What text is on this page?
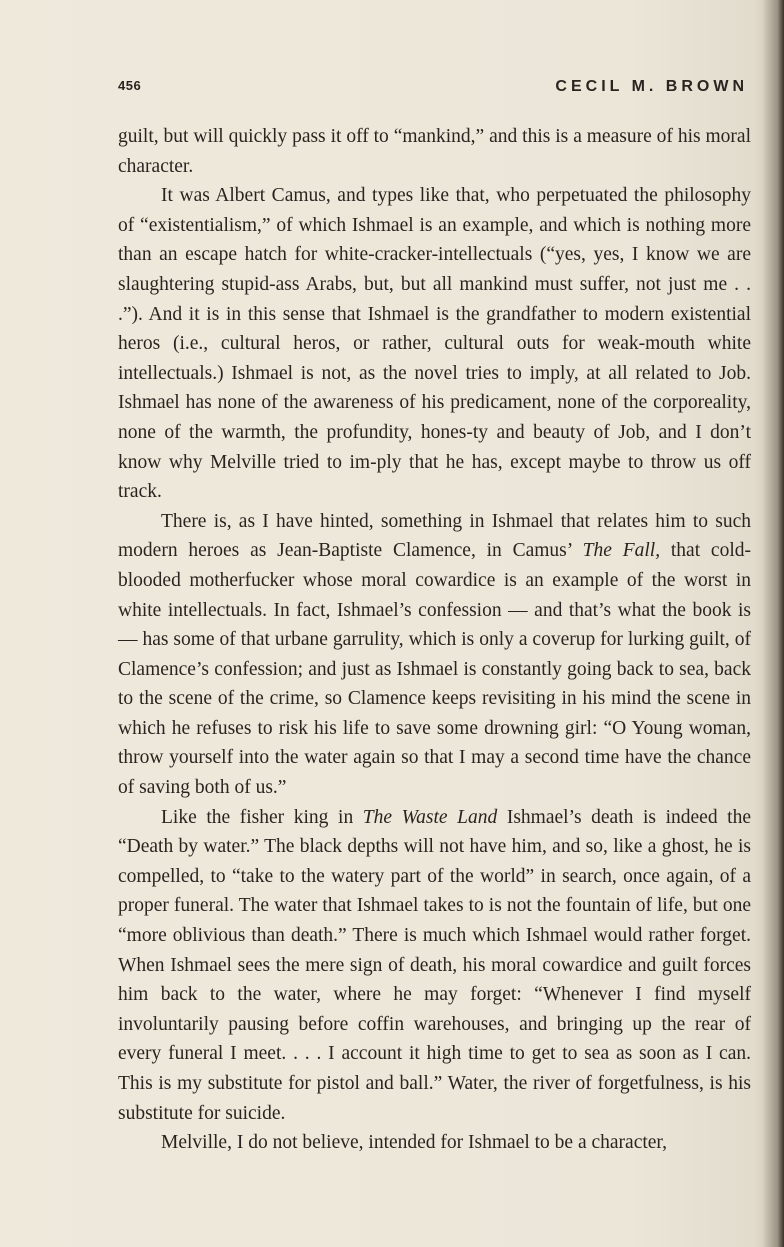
456	CECIL M. BROWN

guilt, but will quickly pass it off to “mankind,” and this is a measure of his moral character.

It was Albert Camus, and types like that, who perpetuated the philosophy of “existentialism,” of which Ishmael is an example, and which is nothing more than an escape hatch for white-cracker-intellectuals (“yes, yes, I know we are slaughtering stupid-ass Arabs, but, but all mankind must suffer, not just me . . .”). And it is in this sense that Ishmael is the grandfather to modern existential heros (i.e., cultural heros, or rather, cultural outs for weak-mouth white intellectuals.) Ishmael is not, as the novel tries to imply, at all related to Job. Ishmael has none of the awareness of his predicament, none of the corporeality, none of the warmth, the profundity, hones-ty and beauty of Job, and I don’t know why Melville tried to im-ply that he has, except maybe to throw us off track.

There is, as I have hinted, something in Ishmael that relates him to such modern heroes as Jean-Baptiste Clamence, in Camus’ The Fall, that cold-blooded motherfucker whose moral cowardice is an example of the worst in white intellectuals. In fact, Ishmael’s confession — and that’s what the book is — has some of that urbane garrulity, which is only a coverup for lurking guilt, of Clamence’s confession; and just as Ishmael is constantly going back to sea, back to the scene of the crime, so Clamence keeps revisiting in his mind the scene in which he refuses to risk his life to save some drowning girl: “O Young woman, throw yourself into the water again so that I may a second time have the chance of saving both of us.”

Like the fisher king in The Waste Land Ishmael’s death is indeed the “Death by water.” The black depths will not have him, and so, like a ghost, he is compelled, to “take to the watery part of the world” in search, once again, of a proper funeral. The water that Ishmael takes to is not the fountain of life, but one “more oblivious than death.” There is much which Ishmael would rather forget. When Ishmael sees the mere sign of death, his moral cowardice and guilt forces him back to the water, where he may forget: “Whenever I find myself involuntarily pausing before coffin warehouses, and bringing up the rear of every funeral I meet. . . . I account it high time to get to sea as soon as I can. This is my substitute for pistol and ball.” Water, the river of forgetfulness, is his substitute for suicide.

Melville, I do not believe, intended for Ishmael to be a character,
